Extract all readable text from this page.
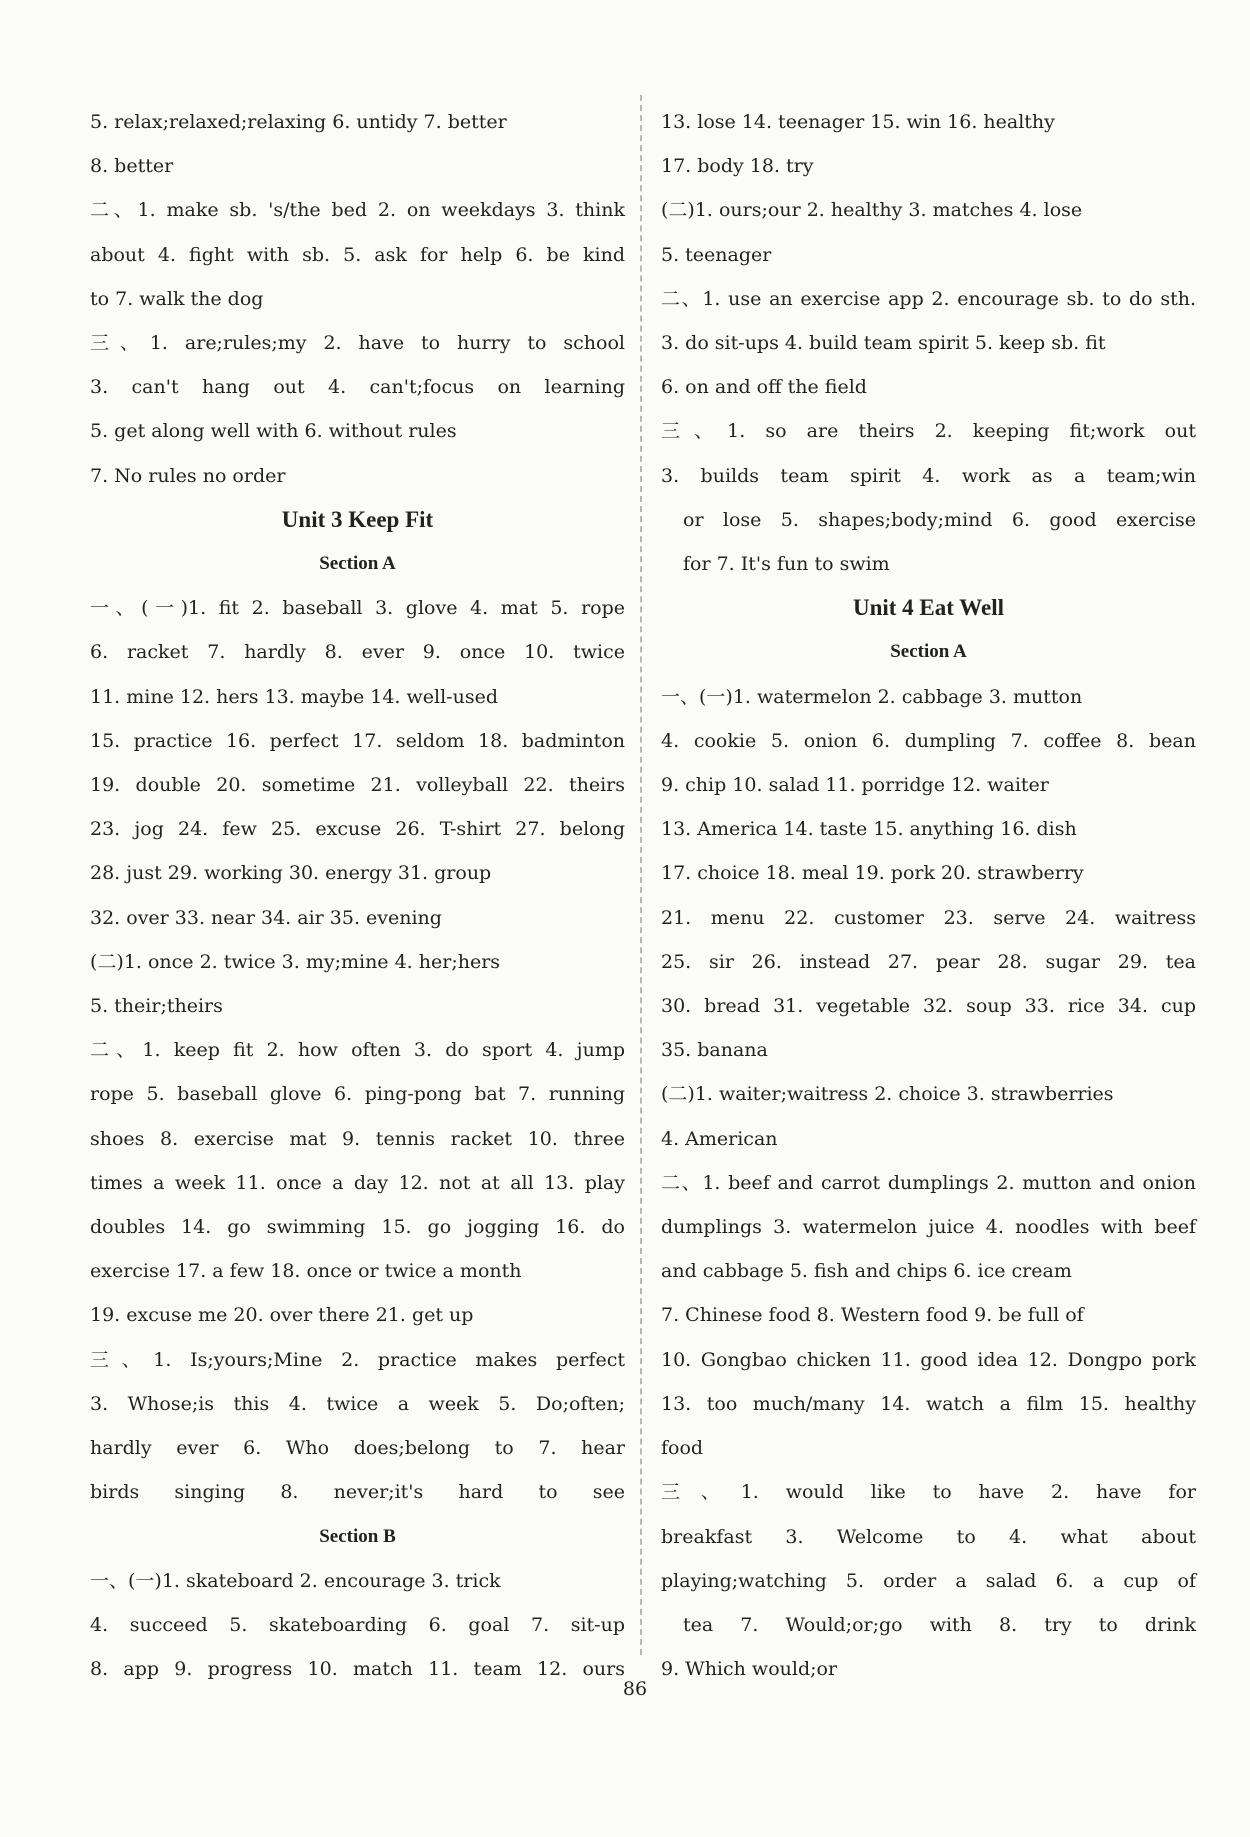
5. relax;relaxed;relaxing 6. untidy 7. better
8. better
二、1. make sb. 's/the bed 2. on weekdays 3. think
about 4. fight with sb. 5. ask for help 6. be kind
to 7. walk the dog
三、1. are;rules;my 2. have to hurry to school
3. can't hang out 4. can't;focus on learning
5. get along well with 6. without rules
7. No rules no order
Unit 3 Keep Fit
Section A
一、(一)1. fit 2. baseball 3. glove 4. mat 5. rope
6. racket 7. hardly 8. ever 9. once 10. twice
11. mine 12. hers 13. maybe 14. well-used
15. practice 16. perfect 17. seldom 18. badminton
19. double 20. sometime 21. volleyball 22. theirs
23. jog 24. few 25. excuse 26. T-shirt 27. belong
28. just 29. working 30. energy 31. group
32. over 33. near 34. air 35. evening
(二)1. once 2. twice 3. my;mine 4. her;hers
5. their;theirs
二、1. keep fit 2. how often 3. do sport 4. jump
rope 5. baseball glove 6. ping-pong bat 7. running
shoes 8. exercise mat 9. tennis racket 10. three
times a week 11. once a day 12. not at all 13. play
doubles 14. go swimming 15. go jogging 16. do
exercise 17. a few 18. once or twice a month
19. excuse me 20. over there 21. get up
三、1. Is;yours;Mine 2. practice makes perfect
3. Whose;is this 4. twice a week 5. Do;often;
hardly ever 6. Who does;belong to 7. hear
birds singing 8. never;it's hard to see
Section B
一、(一)1. skateboard 2. encourage 3. trick
4. succeed 5. skateboarding 6. goal 7. sit-up
8. app 9. progress 10. match 11. team 12. ours
13. lose 14. teenager 15. win 16. healthy
17. body 18. try
(二)1. ours;our 2. healthy 3. matches 4. lose
5. teenager
二、1. use an exercise app 2. encourage sb. to do sth.
3. do sit-ups 4. build team spirit 5. keep sb. fit
6. on and off the field
三、1. so are theirs 2. keeping fit;work out
3. builds team spirit 4. work as a team;win
or lose 5. shapes;body;mind 6. good exercise
for 7. It's fun to swim
Unit 4 Eat Well
Section A
一、(一)1. watermelon 2. cabbage 3. mutton
4. cookie 5. onion 6. dumpling 7. coffee 8. bean
9. chip 10. salad 11. porridge 12. waiter
13. America 14. taste 15. anything 16. dish
17. choice 18. meal 19. pork 20. strawberry
21. menu 22. customer 23. serve 24. waitress
25. sir 26. instead 27. pear 28. sugar 29. tea
30. bread 31. vegetable 32. soup 33. rice 34. cup
35. banana
(二)1. waiter;waitress 2. choice 3. strawberries
4. American
二、1. beef and carrot dumplings 2. mutton and onion
dumplings 3. watermelon juice 4. noodles with beef
and cabbage 5. fish and chips 6. ice cream
7. Chinese food 8. Western food 9. be full of
10. Gongbao chicken 11. good idea 12. Dongpo pork
13. too much/many 14. watch a film 15. healthy
food
三、1. would like to have 2. have for
breakfast 3. Welcome to 4. what about
playing;watching 5. order a salad 6. a cup of
tea 7. Would;or;go with 8. try to drink
9. Which would;or
86
